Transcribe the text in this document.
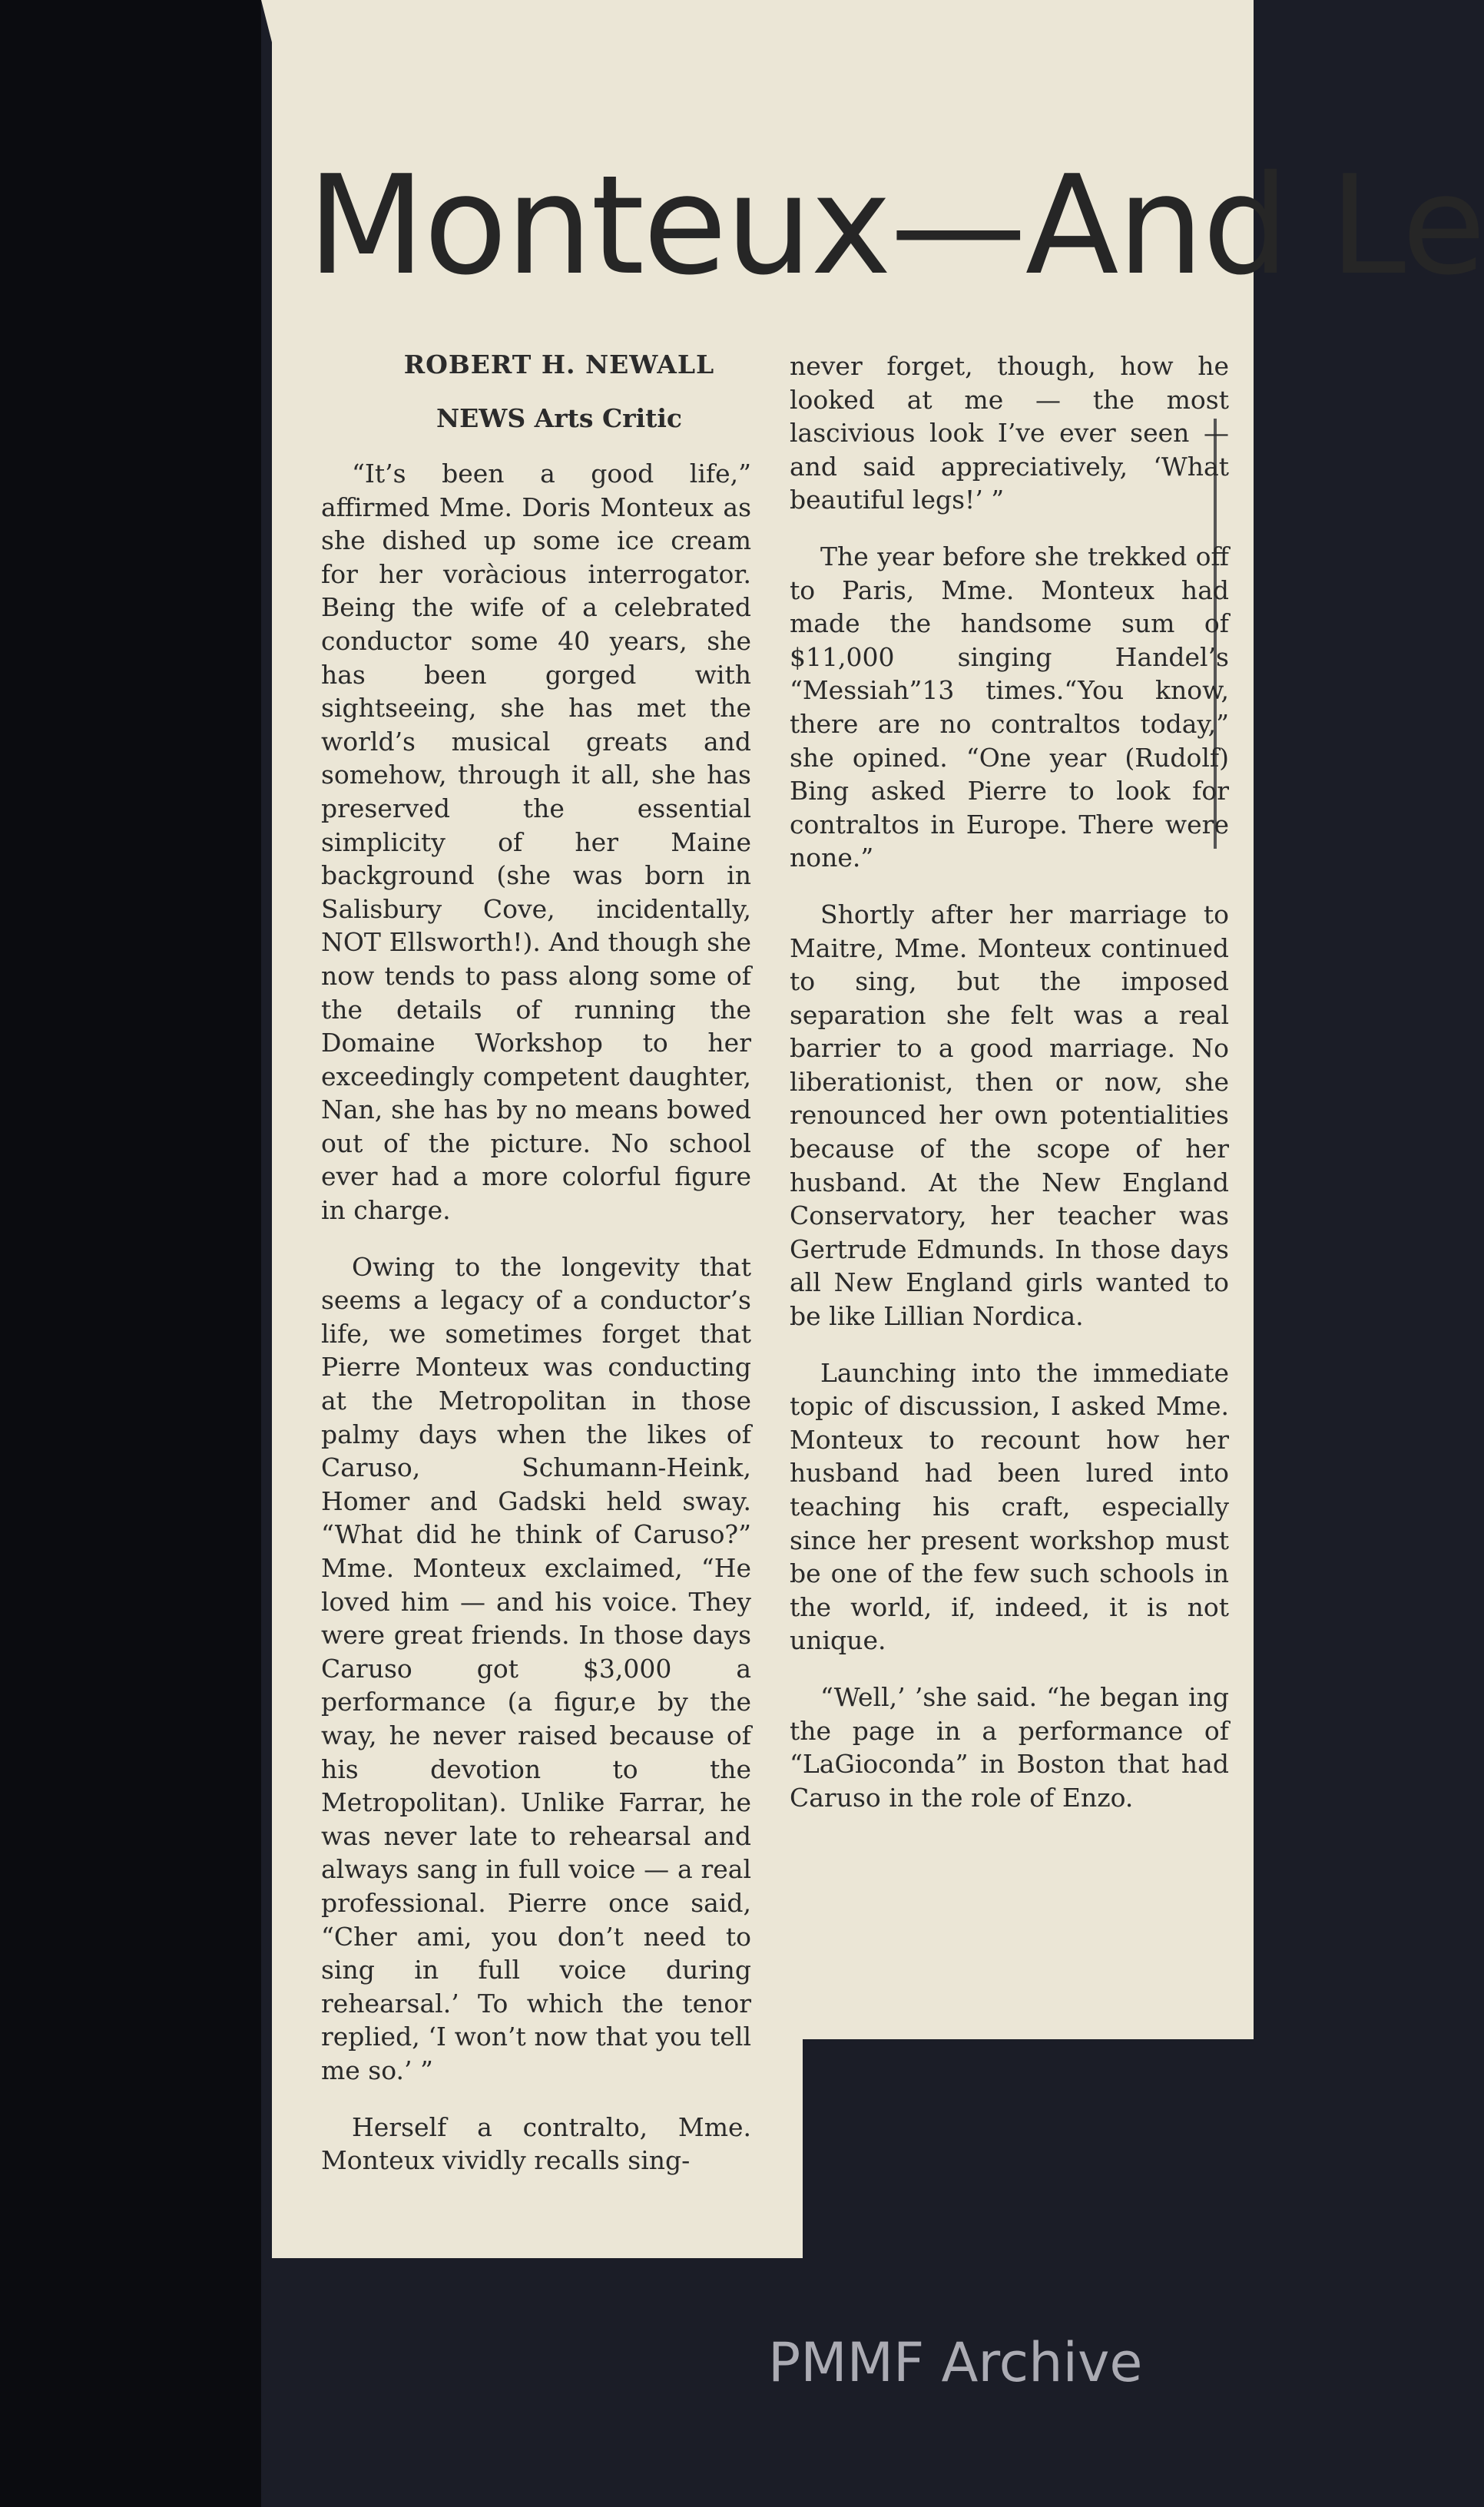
Monteux—And Le
ROBERT H. NEWALL
NEWS Arts Critic

“It’s been a good life,” affirmed Mme. Doris Monteux as she dished up some ice cream for her voràcious interrogator. Being the wife of a celebrated conductor some 40 years, she has been gorged with sightseeing, she has met the world’s musical greats and somehow, through it all, she has preserved the essential simplicity of her Maine background (she was born in Salisbury Cove, incidentally, NOT Ellsworth!). And though she now tends to pass along some of the details of running the Domaine Workshop to her exceedingly competent daughter, Nan, she has by no means bowed out of the picture. No school ever had a more colorful figure in charge.

Owing to the longevity that seems a legacy of a conductor’s life, we sometimes forget that Pierre Monteux was conducting at the Metropolitan in those palmy days when the likes of Caruso, Schumann-Heink, Homer and Gadski held sway. “What did he think of Caruso?” Mme. Monteux exclaimed, “He loved him — and his voice. They were great friends. In those days Caruso got $3,000 a performance (a figur,e by the way, he never raised because of his devotion to the Metropolitan). Unlike Farrar, he was never late to rehearsal and always sang in full voice — a real professional. Pierre once said, “Cher ami, you don’t need to sing in full voice during rehearsal.’ To which the tenor replied, ‘I won’t now that you tell me so.’ ”

Herself a contralto, Mme. Monteux vividly recalls sing-

never forget, though, how he looked at me — the most lascivious look I’ve ever seen — and said appreciatively, ‘What beautiful legs!’ ”

The year before she trekked off to Paris, Mme. Monteux had made the handsome sum of $11,000 singing Handel’s “Messiah”13 times.“You know, there are no contraltos today,” she opined. “One year (Rudolf) Bing asked Pierre to look for contraltos in Europe. There were none.”

Shortly after her marriage to Maitre, Mme. Monteux continued to sing, but the imposed separation she felt was a real barrier to a good marriage. No liberationist, then or now, she renounced her own potentialities because of the scope of her husband. At the New England Conservatory, her teacher was Gertrude Edmunds. In those days all New England girls wanted to be like Lillian Nordica.

Launching into the immediate topic of discussion, I asked Mme. Monteux to recount how her husband had been lured into teaching his craft, especially since her present workshop must be one of the few such schools in the world, if, indeed, it is not unique.

“Well,’ ’she said. “he began ing the page in a performance of “LaGioconda” in Boston that had Caruso in the role of Enzo.

PMMF Archive
